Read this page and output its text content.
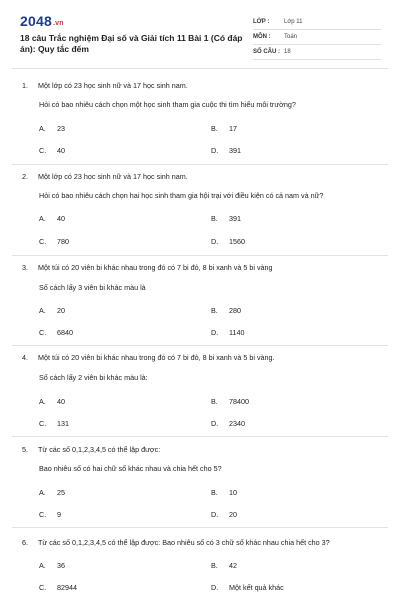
2048.vn
18 câu Trắc nghiệm Đại số và Giải tích 11 Bài 1 (Có đáp án): Quy tắc đếm
LỚP :	Lớp 11
MÔN :	Toán
SỐ CÂU : 18
1. Một lớp có 23 học sinh nữ và 17 học sinh nam.
Hỏi có bao nhiêu cách chọn một học sinh tham gia cuộc thi tìm hiểu môi trường?
A. 23	B. 17
C. 40	D. 391
2. Một lớp có 23 học sinh nữ và 17 học sinh nam.
Hỏi có bao nhiêu cách chọn hai học sinh tham gia hội trại với điều kiện có cả nam và nữ?
A. 40	B. 391
C. 780	D. 1560
3. Một túi có 20 viên bi khác nhau trong đó có 7 bi đỏ, 8 bi xanh và 5 bi vàng
Số cách lấy 3 viên bi khác màu là
A. 20	B. 280
C. 6840	D. 1140
4. Một túi có 20 viên bi khác nhau trong đó có 7 bi đỏ, 8 bi xanh và 5 bi vàng.
Số cách lấy 2 viên bi khác màu là:
A. 40	B. 78400
C. 131	D. 2340
5. Từ các số 0,1,2,3,4,5 có thể lập được:
Bao nhiêu số có hai chữ số khác nhau và chia hết cho 5?
A. 25	B. 10
C. 9	D. 20
6. Từ các số 0,1,2,3,4,5 có thể lập được: Bao nhiêu số có 3 chữ số khác nhau chia hết cho 3?
A. 36	B. 42
C. 82944	D. Một kết quả khác
